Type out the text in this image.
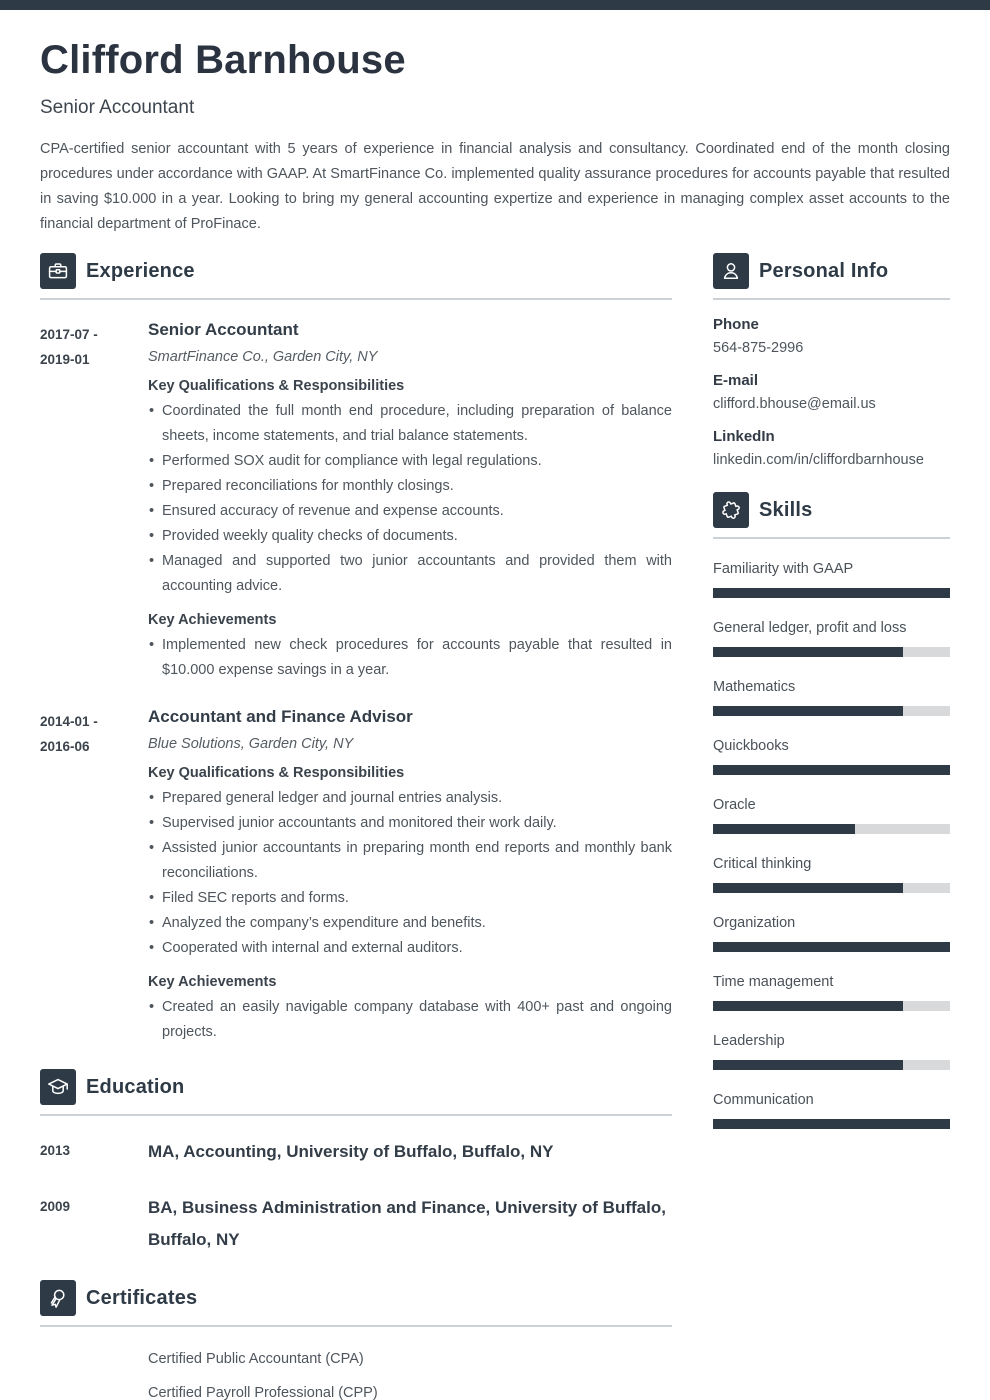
Clifford Barnhouse
Senior Accountant

CPA-certified senior accountant with 5 years of experience in financial analysis and consultancy. Coordinated end of the month closing procedures under accordance with GAAP. At SmartFinance Co. implemented quality assurance procedures for accounts payable that resulted in saving $10.000 in a year. Looking to bring my general accounting expertize and experience in managing complex asset accounts to the financial department of ProFinace.

Experience
2017-07 -
2019-01
Senior Accountant
SmartFinance Co., Garden City, NY
Key Qualifications & Responsibilities
• Coordinated the full month end procedure, including preparation of balance sheets, income statements, and trial balance statements.
• Performed SOX audit for compliance with legal regulations.
• Prepared reconciliations for monthly closings.
• Ensured accuracy of revenue and expense accounts.
• Provided weekly quality checks of documents.
• Managed and supported two junior accountants and provided them with accounting advice.
Key Achievements
• Implemented new check procedures for accounts payable that resulted in $10.000 expense savings in a year.
2014-01 -
2016-06
Accountant and Finance Advisor
Blue Solutions, Garden City, NY
Key Qualifications & Responsibilities
• Prepared general ledger and journal entries analysis.
• Supervised junior accountants and monitored their work daily.
• Assisted junior accountants in preparing month end reports and monthly bank reconciliations.
• Filed SEC reports and forms.
• Analyzed the company’s expenditure and benefits.
• Cooperated with internal and external auditors.
Key Achievements
• Created an easily navigable company database with 400+ past and ongoing projects.
Education
2013	MA, Accounting, University of Buffalo, Buffalo, NY
2009	BA, Business Administration and Finance, University of Buffalo, Buffalo, NY
Certificates
Certified Public Accountant (CPA)
Certified Payroll Professional (CPP)
Personal Info
Phone
564-875-2996
E-mail
clifford.bhouse@email.us
LinkedIn
linkedin.com/in/cliffordbarnhouse
Skills
Familiarity with GAAP
General ledger, profit and loss
Mathematics
Quickbooks
Oracle
Critical thinking
Organization
Time management
Leadership
Communication
